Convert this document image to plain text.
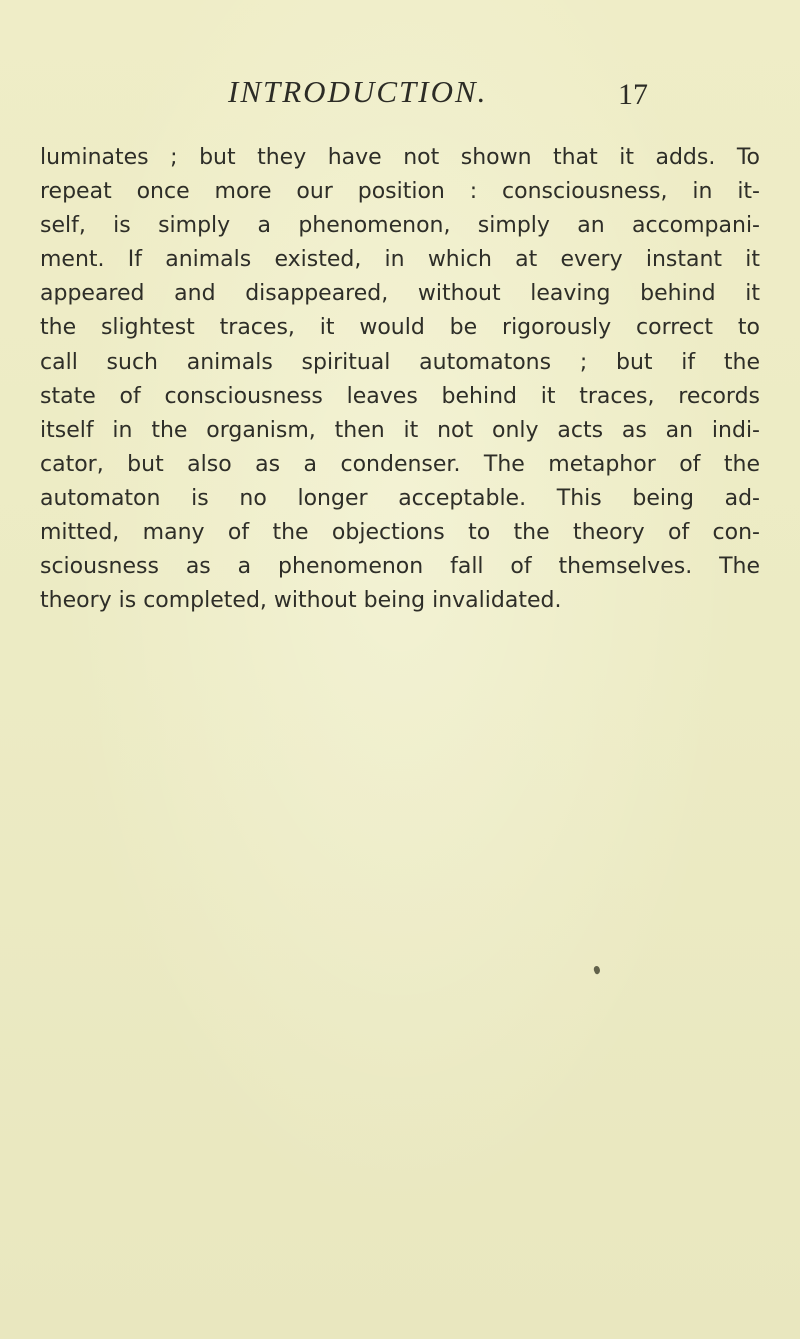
INTRODUCTION.	17
luminates ; but they have not shown that it adds. To
repeat once more our position : consciousness, in it-
self, is simply a phenomenon, simply an accompani-
ment. If animals existed, in which at every instant it
appeared and disappeared, without leaving behind it
the slightest traces, it would be rigorously correct to
call such animals spiritual automatons ; but if the
state of consciousness leaves behind it traces, records
itself in the organism, then it not only acts as an indi-
cator, but also as a condenser. The metaphor of the
automaton is no longer acceptable. This being ad-
mitted, many of the objections to the theory of con-
sciousness as a phenomenon fall of themselves. The
theory is completed, without being invalidated.
